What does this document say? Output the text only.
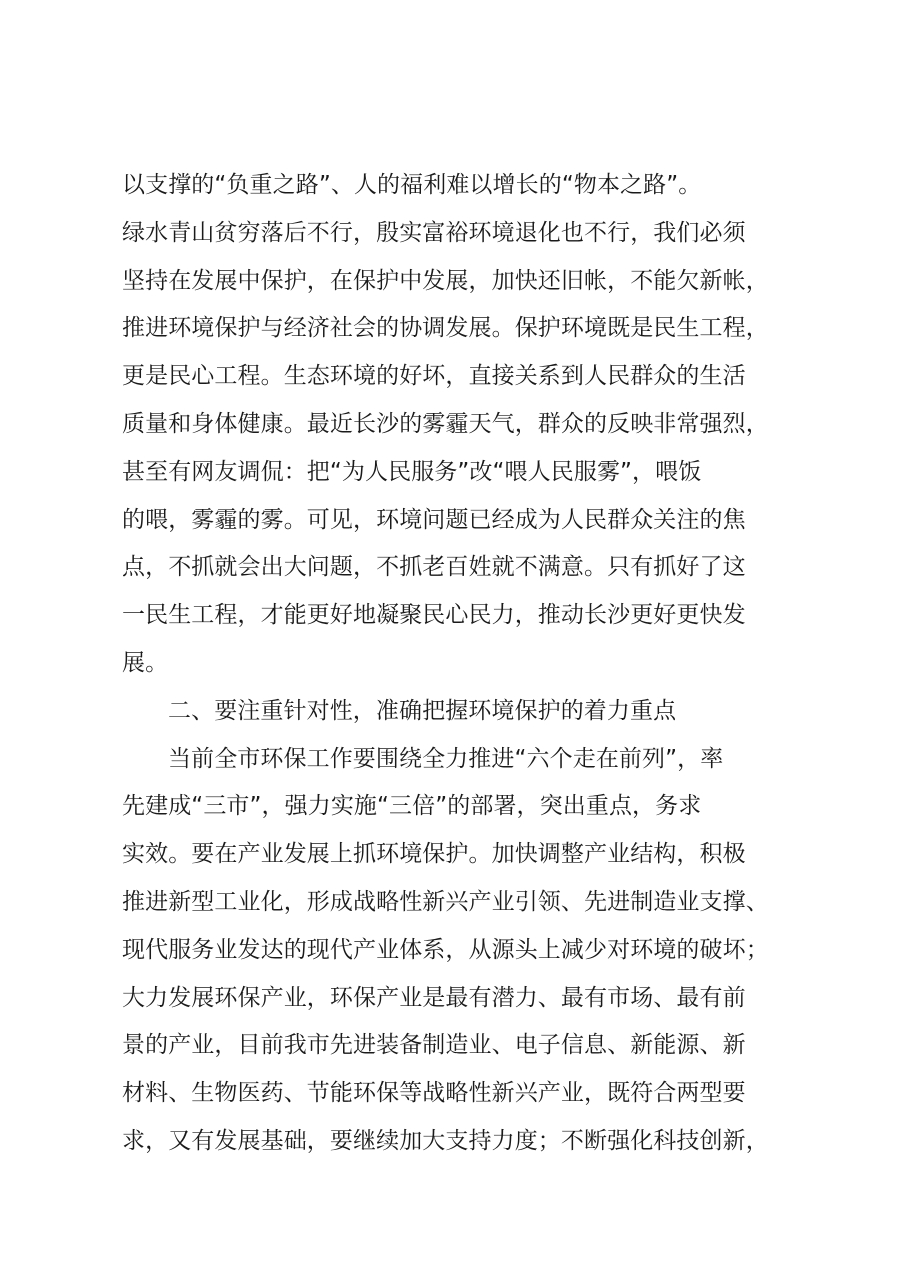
以支撑的“负重之路”、人的福利难以增长的“物本之路”。
绿水青山贫穷落后不行，殷实富裕环境退化也不行，我们必须
坚持在发展中保护，在保护中发展，加快还旧帐，不能欠新帐，
推进环境保护与经济社会的协调发展。保护环境既是民生工程，
更是民心工程。生态环境的好坏，直接关系到人民群众的生活
质量和身体健康。最近长沙的雾霾天气，群众的反映非常强烈，
甚至有网友调侃：把“为人民服务”改“喂人民服雾”，喂饭
的喂，雾霾的雾。可见，环境问题已经成为人民群众关注的焦
点，不抓就会出大问题，不抓老百姓就不满意。只有抓好了这
一民生工程，才能更好地凝聚民心民力，推动长沙更好更快发
展。
二、要注重针对性，准确把握环境保护的着力重点
当前全市环保工作要围绕全力推进“六个走在前列”，率
先建成“三市”，强力实施“三倍”的部署，突出重点，务求
实效。要在产业发展上抓环境保护。加快调整产业结构，积极
推进新型工业化，形成战略性新兴产业引领、先进制造业支撑、
现代服务业发达的现代产业体系，从源头上减少对环境的破坏；
大力发展环保产业，环保产业是最有潜力、最有市场、最有前
景的产业，目前我市先进装备制造业、电子信息、新能源、新
材料、生物医药、节能环保等战略性新兴产业，既符合两型要
求，又有发展基础，要继续加大支持力度；不断强化科技创新，
